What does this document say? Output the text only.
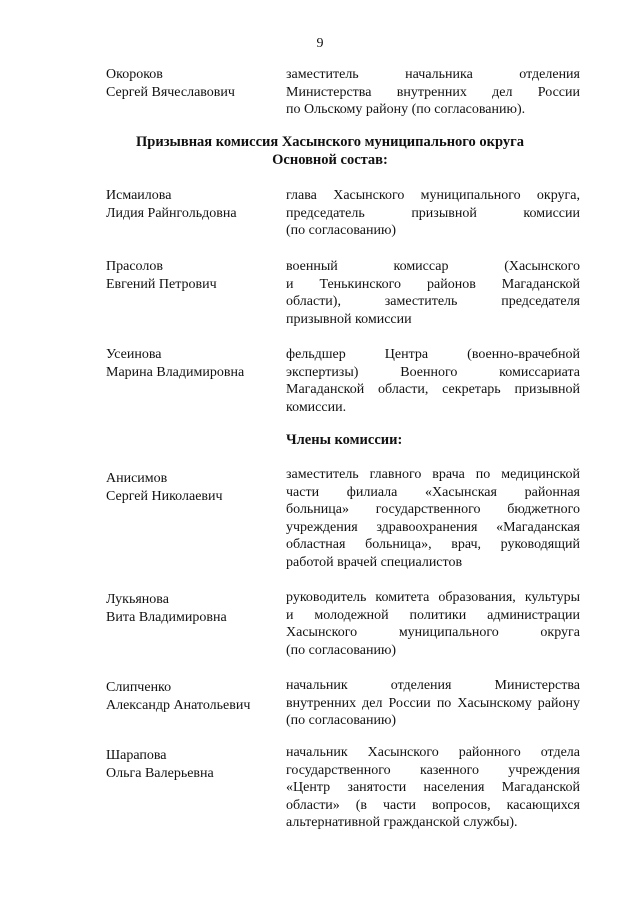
9
Окороков
Сергей Вячеславович
заместитель начальника отделения
Министерства внутренних дел России
по Ольскому району (по согласованию).
Призывная комиссия Хасынского муниципального округа
Основной состав:
Исмаилова
Лидия Райнгольдовна
глава Хасынского муниципального округа,
председатель призывной комиссии
(по согласованию)
Прасолов
Евгений Петрович
военный комиссар (Хасынского
и Тенькинского районов Магаданской
области), заместитель председателя
призывной комиссии
Усеинова
Марина Владимировна
фельдшер Центра (военно-врачебной
экспертизы) Военного комиссариата
Магаданской области, секретарь призывной
комиссии.
Члены комиссии:
Анисимов
Сергей Николаевич
заместитель главного врача по медицинской
части филиала «Хасынская районная
больница» государственного бюджетного
учреждения здравоохранения «Магаданская
областная больница», врач, руководящий
работой врачей специалистов
Лукьянова
Вита Владимировна
руководитель комитета образования, культуры
и молодежной политики администрации
Хасынского муниципального округа
(по согласованию)
Слипченко
Александр Анатольевич
начальник отделения Министерства
внутренних дел России по Хасынскому району
(по согласованию)
Шарапова
Ольга Валерьевна
начальник Хасынского районного отдела
государственного казенного учреждения
«Центр занятости населения Магаданской
области» (в части вопросов, касающихся
альтернативной гражданской службы).
